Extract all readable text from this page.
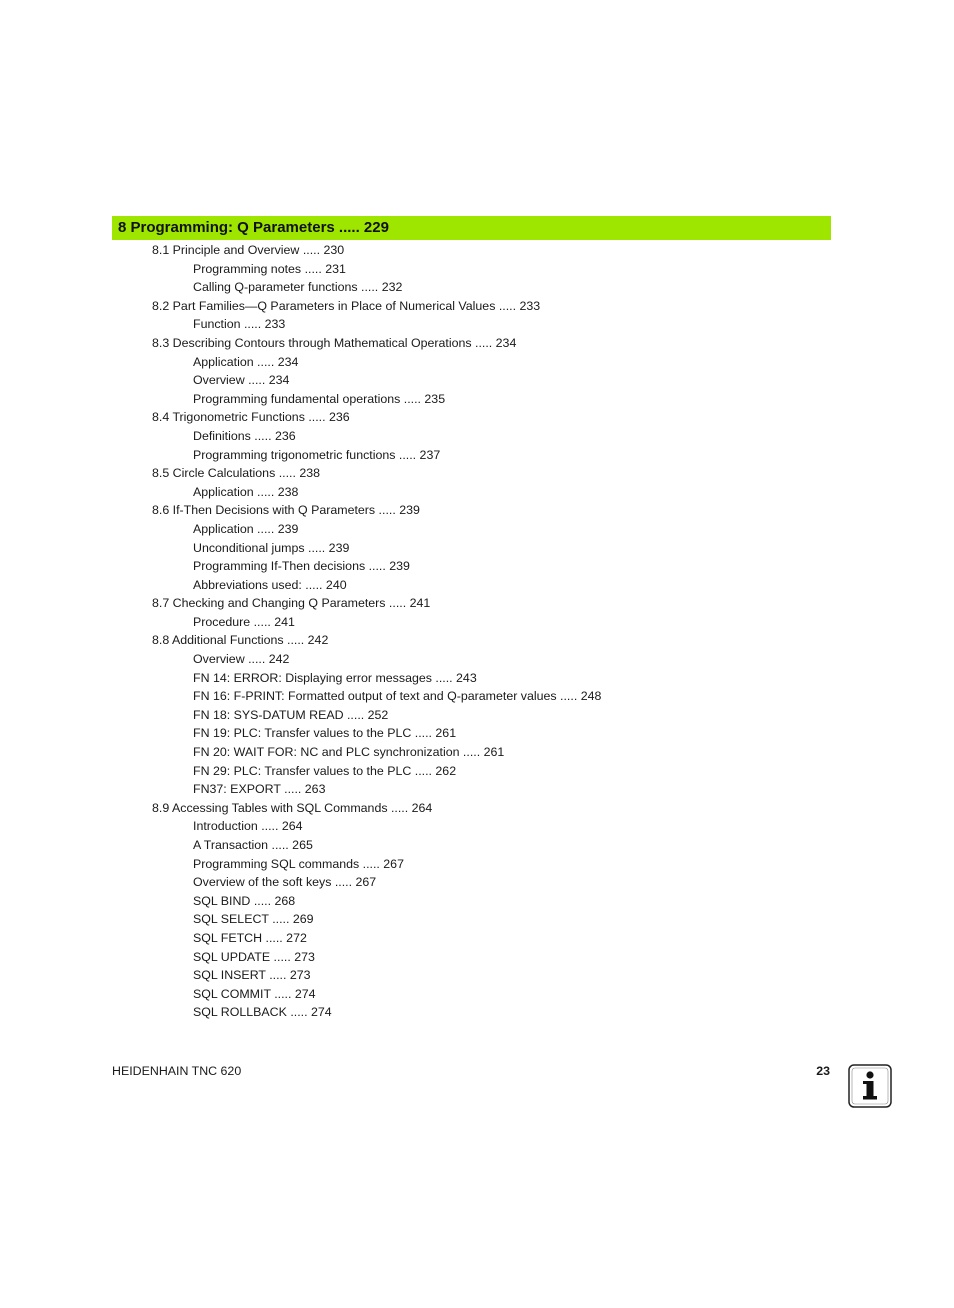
8 Programming: Q Parameters ..... 229
8.1 Principle and Overview ..... 230
Programming notes ..... 231
Calling Q-parameter functions ..... 232
8.2 Part Families—Q Parameters in Place of Numerical Values ..... 233
Function ..... 233
8.3 Describing Contours through Mathematical Operations ..... 234
Application ..... 234
Overview ..... 234
Programming fundamental operations ..... 235
8.4 Trigonometric Functions ..... 236
Definitions ..... 236
Programming trigonometric functions ..... 237
8.5 Circle Calculations ..... 238
Application ..... 238
8.6 If-Then Decisions with Q Parameters ..... 239
Application ..... 239
Unconditional jumps ..... 239
Programming If-Then decisions ..... 239
Abbreviations used: ..... 240
8.7 Checking and Changing Q Parameters ..... 241
Procedure ..... 241
8.8 Additional Functions ..... 242
Overview ..... 242
FN 14: ERROR: Displaying error messages ..... 243
FN 16: F-PRINT: Formatted output of text and Q-parameter values ..... 248
FN 18: SYS-DATUM READ ..... 252
FN 19: PLC: Transfer values to the PLC ..... 261
FN 20: WAIT FOR: NC and PLC synchronization ..... 261
FN 29: PLC: Transfer values to the PLC ..... 262
FN37: EXPORT ..... 263
8.9 Accessing Tables with SQL Commands ..... 264
Introduction ..... 264
A Transaction ..... 265
Programming SQL commands ..... 267
Overview of the soft keys ..... 267
SQL BIND ..... 268
SQL SELECT ..... 269
SQL FETCH ..... 272
SQL UPDATE ..... 273
SQL INSERT ..... 273
SQL COMMIT ..... 274
SQL ROLLBACK ..... 274
HEIDENHAIN TNC 620	23
